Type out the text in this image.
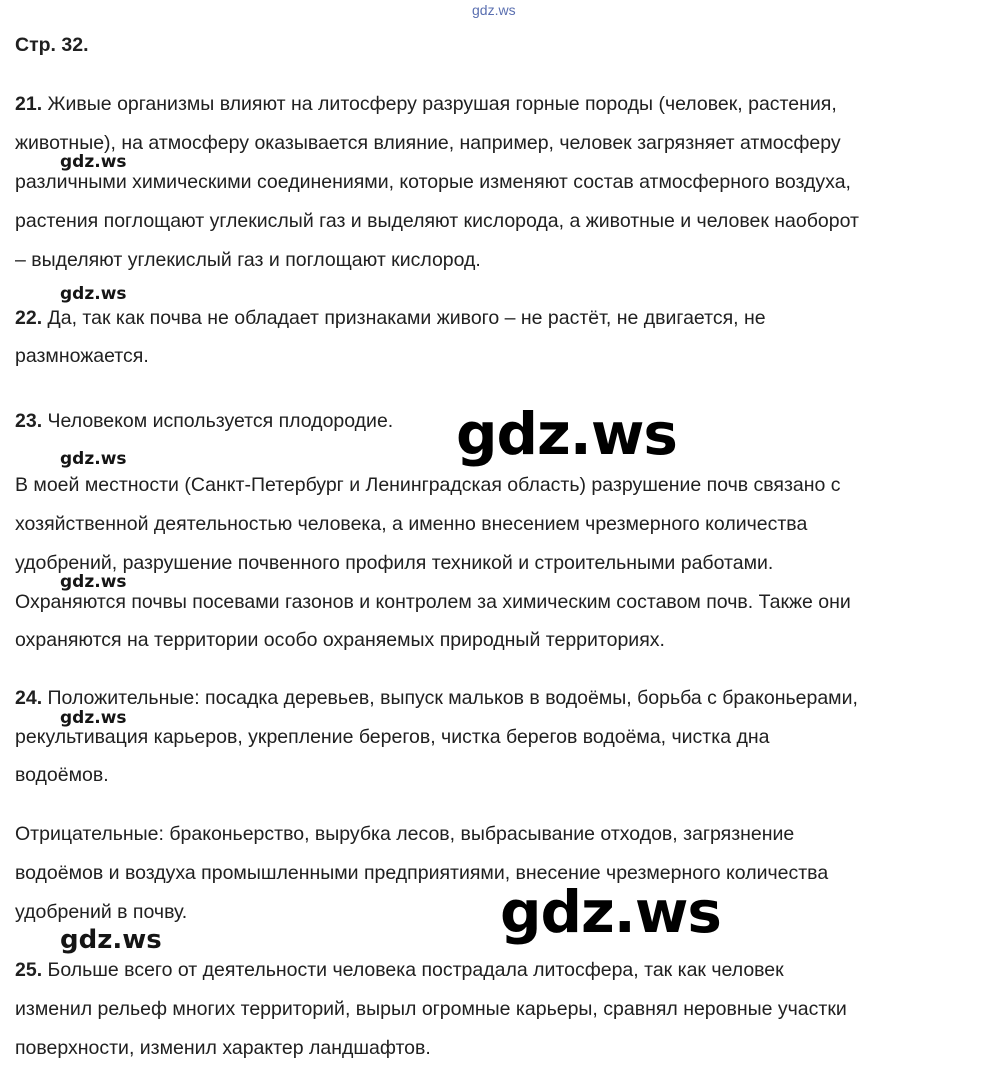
gdz.ws
Стр. 32.
21. Живые организмы влияют на литосферу разрушая горные породы (человек, растения,
животные), на атмосферу оказывается влияние, например, человек загрязняет атмосферу
различными химическими соединениями, которые изменяют состав атмосферного воздуха,
растения поглощают углекислый газ и выделяют кислорода, а животные и человек наоборот
– выделяют углекислый газ и поглощают кислород.
22. Да, так как почва не обладает признаками живого – не растёт, не двигается, не
размножается.
23. Человеком используется плодородие.
В моей местности (Санкт-Петербург и Ленинградская область) разрушение почв связано с
хозяйственной деятельностью человека, а именно внесением чрезмерного количества
удобрений, разрушение почвенного профиля техникой и строительными работами.
Охраняются почвы посевами газонов и контролем за химическим составом почв. Также они
охраняются на территории особо охраняемых природный территориях.
24. Положительные: посадка деревьев, выпуск мальков в водоёмы, борьба с браконьерами,
рекультивация карьеров, укрепление берегов, чистка берегов водоёма, чистка дна
водоёмов.
Отрицательные: браконьерство, вырубка лесов, выбрасывание отходов, загрязнение
водоёмов и воздуха промышленными предприятиями, внесение чрезмерного количества
удобрений в почву.
25. Больше всего от деятельности человека пострадала литосфера, так как человек
изменил рельеф многих территорий, вырыл огромные карьеры, сравнял неровные участки
поверхности, изменил характер ландшафтов.
gdz.ws
gdz.ws
gdz.ws
gdz.ws
gdz.ws
gdz.ws
gdz.ws
gdz.ws
